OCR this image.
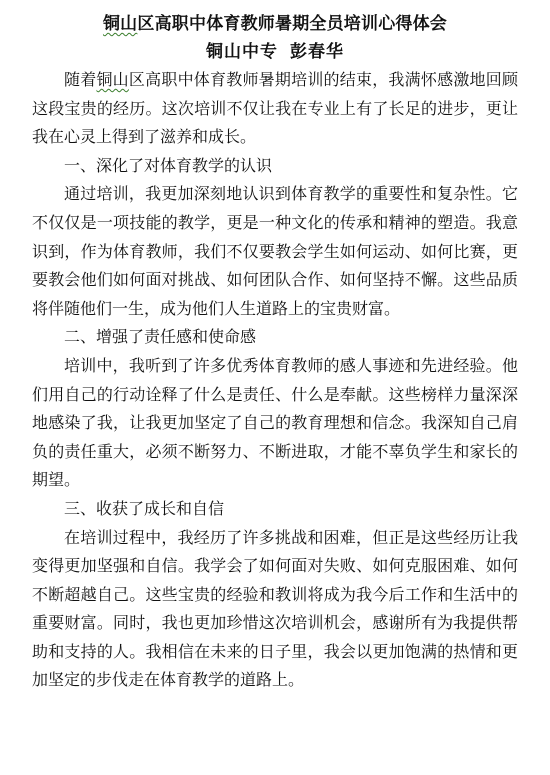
铜山区高职中体育教师暑期全员培训心得体会

铜山中专 彭春华

随着铜山区高职中体育教师暑期培训的结束，我满怀感激地回顾这段宝贵的经历。这次培训不仅让我在专业上有了长足的进步，更让我在心灵上得到了滋养和成长。

一、深化了对体育教学的认识

通过培训，我更加深刻地认识到体育教学的重要性和复杂性。它不仅仅是一项技能的教学，更是一种文化的传承和精神的塑造。我意识到，作为体育教师，我们不仅要教会学生如何运动、如何比赛，更要教会他们如何面对挑战、如何团队合作、如何坚持不懈。这些品质将伴随他们一生，成为他们人生道路上的宝贵财富。

二、增强了责任感和使命感

培训中，我听到了许多优秀体育教师的感人事迹和先进经验。他们用自己的行动诠释了什么是责任、什么是奉献。这些榜样力量深深地感染了我，让我更加坚定了自己的教育理想和信念。我深知自己肩负的责任重大，必须不断努力、不断进取，才能不辜负学生和家长的期望。

三、收获了成长和自信

在培训过程中，我经历了许多挑战和困难，但正是这些经历让我变得更加坚强和自信。我学会了如何面对失败、如何克服困难、如何不断超越自己。这些宝贵的经验和教训将成为我今后工作和生活中的重要财富。同时，我也更加珍惜这次培训机会，感谢所有为我提供帮助和支持的人。我相信在未来的日子里，我会以更加饱满的热情和更加坚定的步伐走在体育教学的道路上。
